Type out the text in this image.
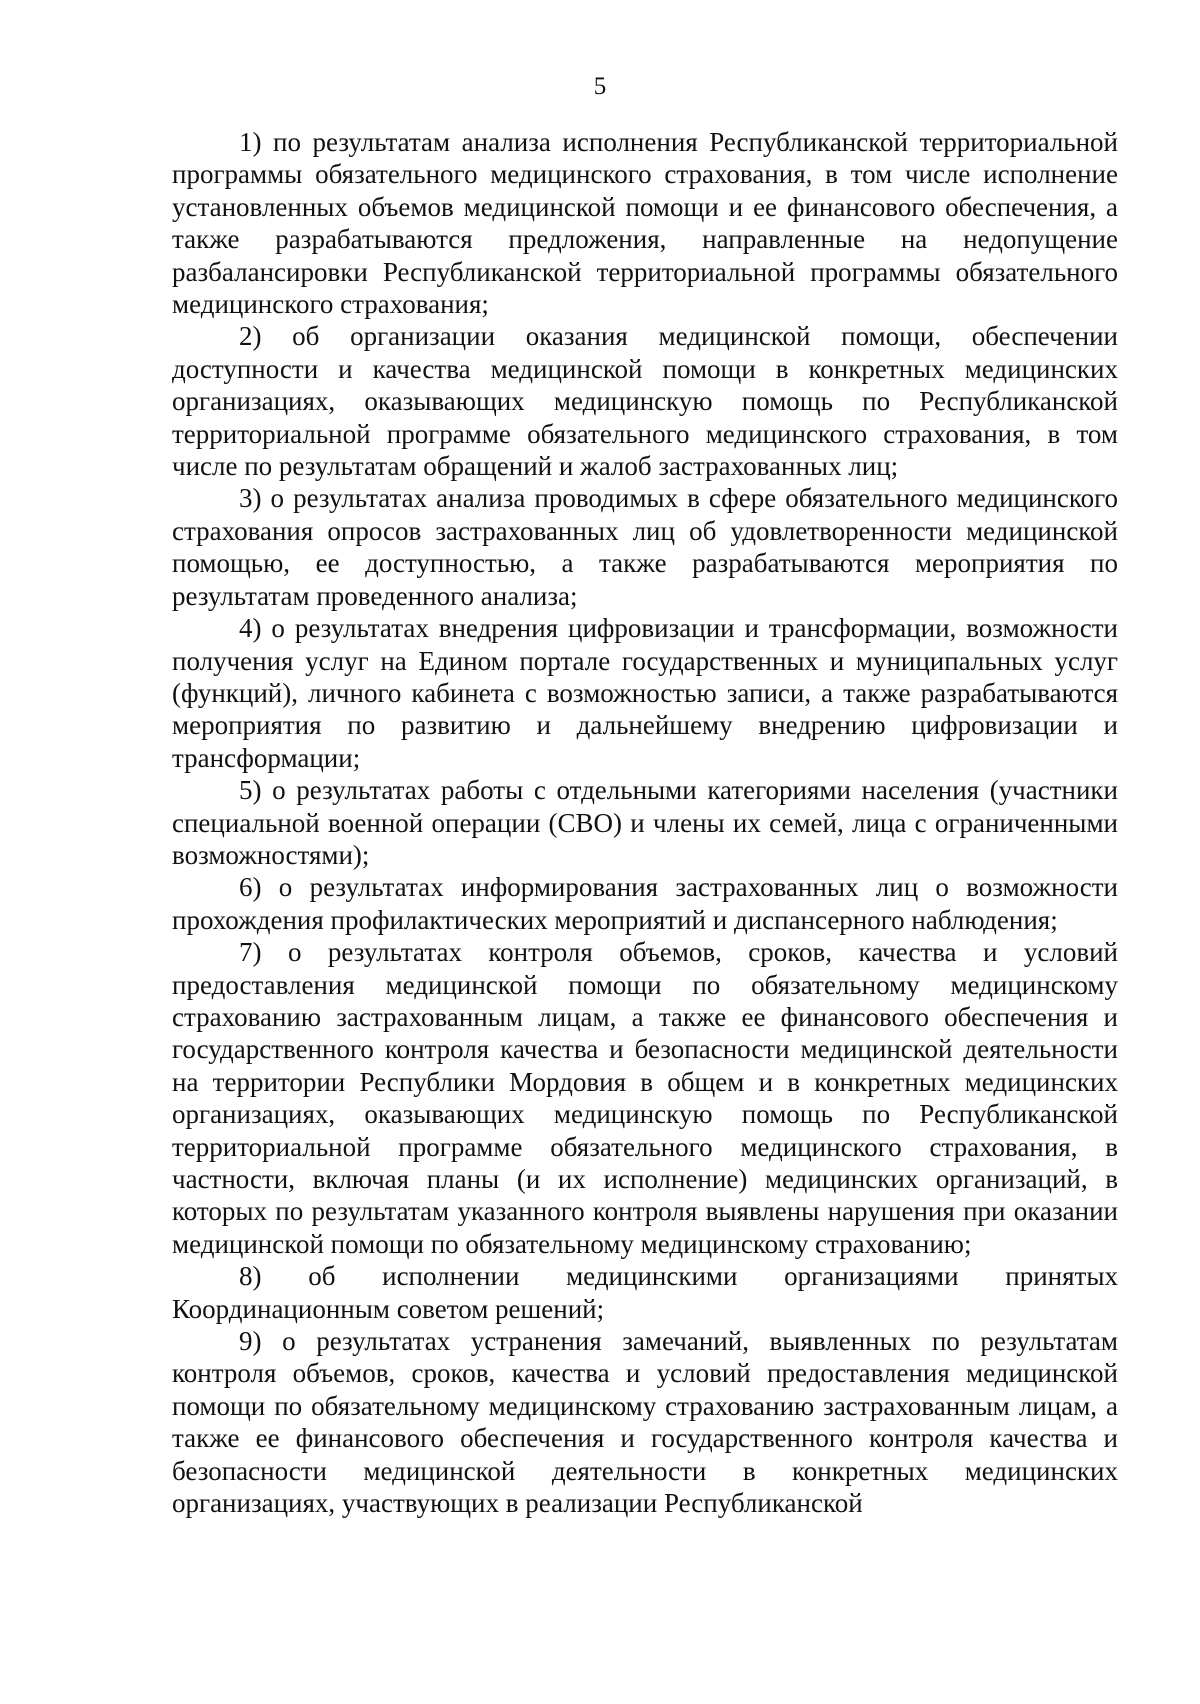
5

1) по результатам анализа исполнения Республиканской территориальной программы обязательного медицинского страхования, в том числе исполнение установленных объемов медицинской помощи и ее финансового обеспечения, а также разрабатываются предложения, направленные на недопущение разбалансировки Республиканской территориальной программы обязательного медицинского страхования;

2) об организации оказания медицинской помощи, обеспечении доступности и качества медицинской помощи в конкретных медицинских организациях, оказывающих медицинскую помощь по Республиканской территориальной программе обязательного медицинского страхования, в том числе по результатам обращений и жалоб застрахованных лиц;

3) о результатах анализа проводимых в сфере обязательного медицинского страхования опросов застрахованных лиц об удовлетворенности медицинской помощью, ее доступностью, а также разрабатываются мероприятия по результатам проведенного анализа;

4) о результатах внедрения цифровизации и трансформации, возможности получения услуг на Едином портале государственных и муниципальных услуг (функций), личного кабинета с возможностью записи, а также разрабатываются мероприятия по развитию и дальнейшему внедрению цифровизации и трансформации;

5) о результатах работы с отдельными категориями населения (участники специальной военной операции (СВО) и члены их семей, лица с ограниченными возможностями);

6) о результатах информирования застрахованных лиц о возможности прохождения профилактических мероприятий и диспансерного наблюдения;

7) о результатах контроля объемов, сроков, качества и условий предоставления медицинской помощи по обязательному медицинскому страхованию застрахованным лицам, а также ее финансового обеспечения и государственного контроля качества и безопасности медицинской деятельности на территории Республики Мордовия в общем и в конкретных медицинских организациях, оказывающих медицинскую помощь по Республиканской территориальной программе обязательного медицинского страхования, в частности, включая планы (и их исполнение) медицинских организаций, в которых по результатам указанного контроля выявлены нарушения при оказании медицинской помощи по обязательному медицинскому страхованию;

8) об исполнении медицинскими организациями принятых Координационным советом решений;

9) о результатах устранения замечаний, выявленных по результатам контроля объемов, сроков, качества и условий предоставления медицинской помощи по обязательному медицинскому страхованию застрахованным лицам, а также ее финансового обеспечения и государственного контроля качества и безопасности медицинской деятельности в конкретных медицинских организациях, участвующих в реализации Республиканской
